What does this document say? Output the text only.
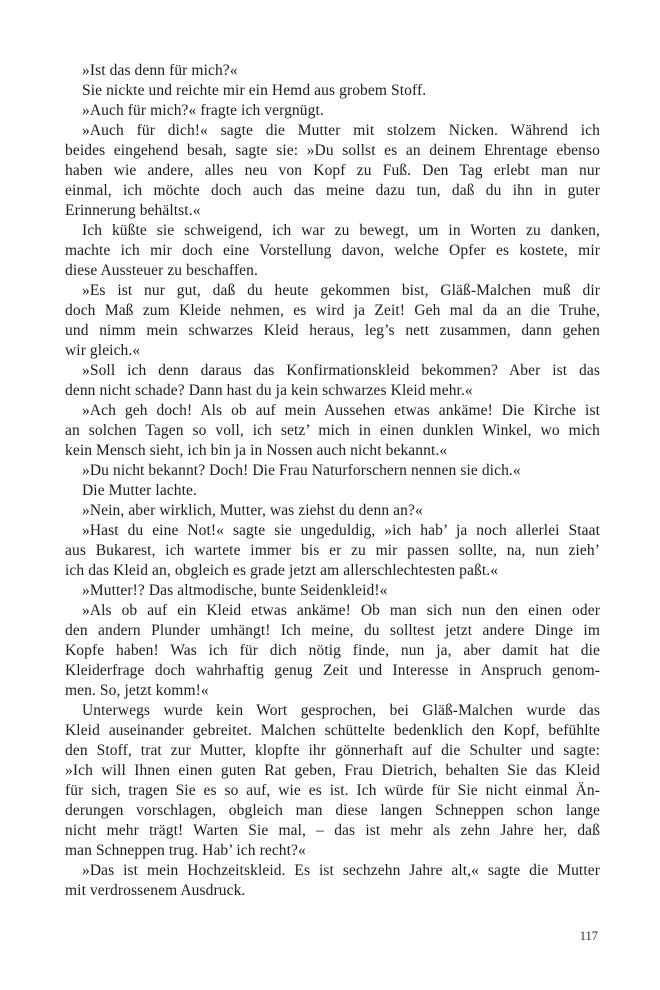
»Ist das denn für mich?«
Sie nickte und reichte mir ein Hemd aus grobem Stoff.
»Auch für mich?« fragte ich vergnügt.
»Auch für dich!« sagte die Mutter mit stolzem Nicken. Während ich
beides eingehend besah, sagte sie: »Du sollst es an deinem Ehrentage ebenso
haben wie andere, alles neu von Kopf zu Fuß. Den Tag erlebt man nur
einmal, ich möchte doch auch das meine dazu tun, daß du ihn in guter
Erinnerung behältst.«
Ich küßte sie schweigend, ich war zu bewegt, um in Worten zu danken,
machte ich mir doch eine Vorstellung davon, welche Opfer es kostete, mir
diese Aussteuer zu beschaffen.
»Es ist nur gut, daß du heute gekommen bist, Gläß-Malchen muß dir
doch Maß zum Kleide nehmen, es wird ja Zeit! Geh mal da an die Truhe,
und nimm mein schwarzes Kleid heraus, leg’s nett zusammen, dann gehen
wir gleich.«
»Soll ich denn daraus das Konfirmationskleid bekommen? Aber ist das
denn nicht schade? Dann hast du ja kein schwarzes Kleid mehr.«
»Ach geh doch! Als ob auf mein Aussehen etwas ankäme! Die Kirche ist
an solchen Tagen so voll, ich setz’ mich in einen dunklen Winkel, wo mich
kein Mensch sieht, ich bin ja in Nossen auch nicht bekannt.«
»Du nicht bekannt? Doch! Die Frau Naturforschern nennen sie dich.«
Die Mutter lachte.
»Nein, aber wirklich, Mutter, was ziehst du denn an?«
»Hast du eine Not!« sagte sie ungeduldig, »ich hab’ ja noch allerlei Staat
aus Bukarest, ich wartete immer bis er zu mir passen sollte, na, nun zieh’
ich das Kleid an, obgleich es grade jetzt am allerschlechtesten paßt.«
»Mutter!? Das altmodische, bunte Seidenkleid!«
»Als ob auf ein Kleid etwas ankäme! Ob man sich nun den einen oder
den andern Plunder umhängt! Ich meine, du solltest jetzt andere Dinge im
Kopfe haben! Was ich für dich nötig finde, nun ja, aber damit hat die
Kleiderfrage doch wahrhaftig genug Zeit und Interesse in Anspruch genom-
men. So, jetzt komm!«
Unterwegs wurde kein Wort gesprochen, bei Gläß-Malchen wurde das
Kleid auseinander gebreitet. Malchen schüttelte bedenklich den Kopf, befühlte
den Stoff, trat zur Mutter, klopfte ihr gönnerhaft auf die Schulter und sagte:
»Ich will Ihnen einen guten Rat geben, Frau Dietrich, behalten Sie das Kleid
für sich, tragen Sie es so auf, wie es ist. Ich würde für Sie nicht einmal Än-
derungen vorschlagen, obgleich man diese langen Schneppen schon lange
nicht mehr trägt! Warten Sie mal, – das ist mehr als zehn Jahre her, daß
man Schneppen trug. Hab’ ich recht?«
»Das ist mein Hochzeitskleid. Es ist sechzehn Jahre alt,« sagte die Mutter
mit verdrossenem Ausdruck.
117
